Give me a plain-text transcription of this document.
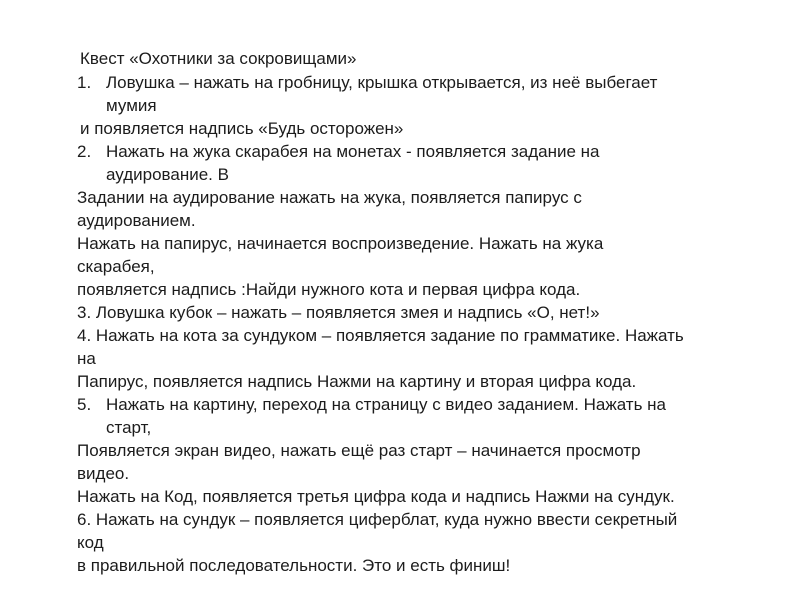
Квест «Охотники за сокровищами»
1. Ловушка – нажать на гробницу, крышка открывается, из неё выбегает
мумия
и появляется надпись «Будь осторожен»
2. Нажать на жука скарабея на монетах - появляется задание на
аудирование. В
Задании на аудирование нажать на жука, появляется папирус с
аудированием.
Нажать на папирус, начинается воспроизведение. Нажать на жука
скарабея,
появляется надпись :Найди нужного кота и первая цифра кода.
3. Ловушка кубок – нажать – появляется змея и надпись «О, нет!»
4. Нажать на кота за сундуком – появляется задание по грамматике. Нажать
на
Папирус, появляется надпись Нажми на картину и вторая цифра кода.
5. Нажать на картину, переход на страницу с видео заданием. Нажать на
старт,
Появляется экран видео, нажать ещё раз старт – начинается просмотр
видео.
Нажать на Код, появляется третья цифра кода и надпись Нажми на сундук.
6. Нажать на сундук – появляется циферблат, куда нужно ввести секретный
код
в правильной последовательности. Это и есть финиш!
